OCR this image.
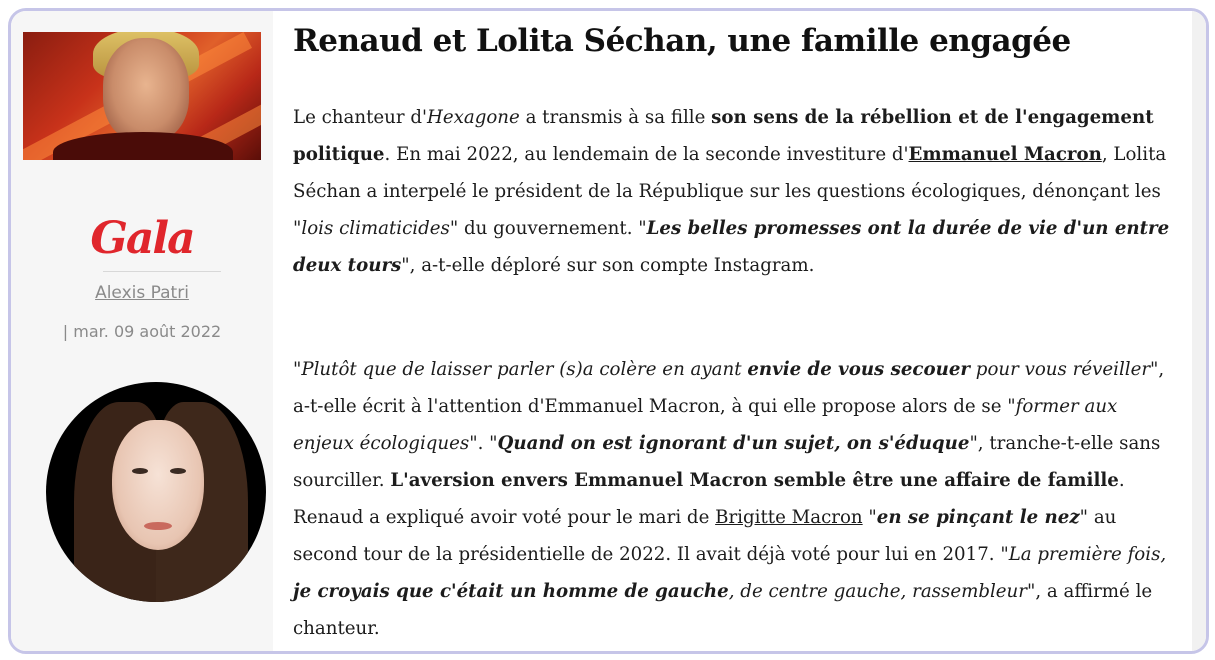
Gala
Alexis Patri
| mar. 09 août 2022
Renaud et Lolita Séchan, une famille engagée

Le chanteur d'Hexagone a transmis à sa fille son sens de la rébellion et de l'engagement politique. En mai 2022, au lendemain de la seconde investiture d'Emmanuel Macron, Lolita Séchan a interpelé le président de la République sur les questions écologiques, dénonçant les "lois climaticides" du gouvernement. "Les belles promesses ont la durée de vie d'un entre deux tours", a-t-elle déploré sur son compte Instagram.

"Plutôt que de laisser parler (s)a colère en ayant envie de vous secouer pour vous réveiller", a-t-elle écrit à l'attention d'Emmanuel Macron, à qui elle propose alors de se "former aux enjeux écologiques". "Quand on est ignorant d'un sujet, on s'éduque", tranche-t-elle sans sourciller. L'aversion envers Emmanuel Macron semble être une affaire de famille. Renaud a expliqué avoir voté pour le mari de Brigitte Macron "en se pinçant le nez" au second tour de la présidentielle de 2022. Il avait déjà voté pour lui en 2017. "La première fois, je croyais que c'était un homme de gauche, de centre gauche, rassembleur", a affirmé le chanteur.
